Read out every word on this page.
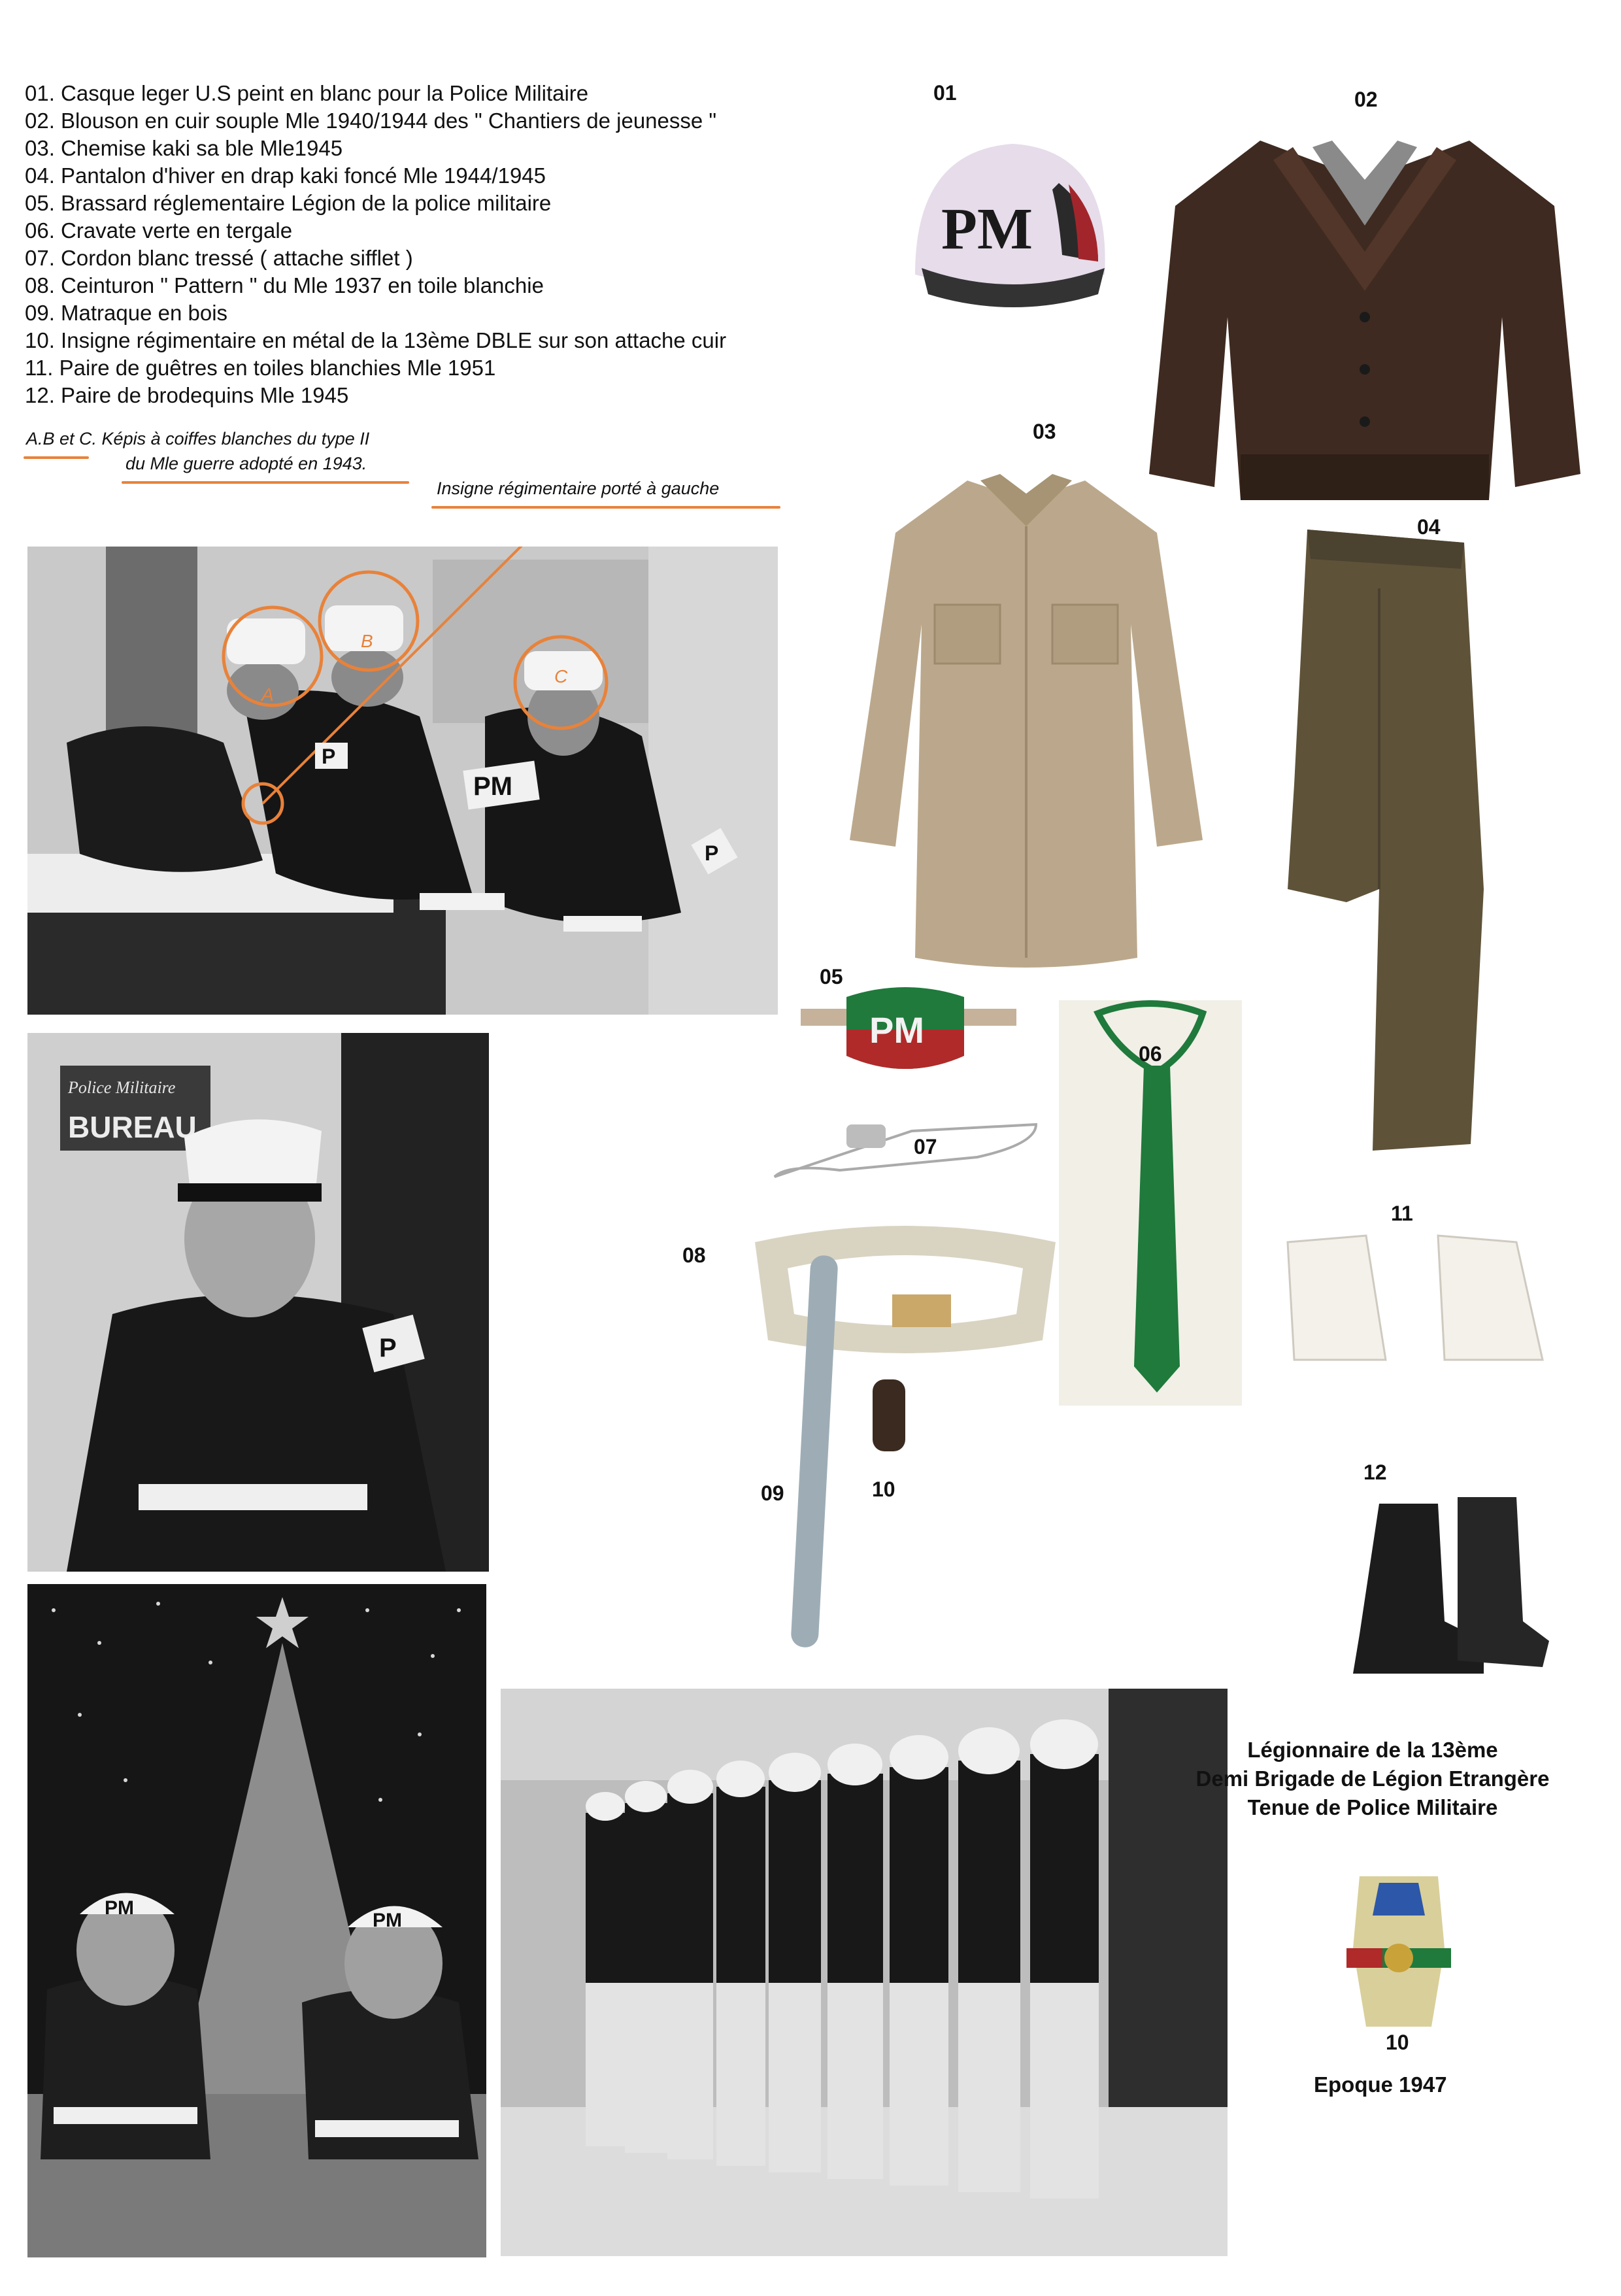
01. Casque leger U.S peint en blanc pour la Police Militaire
02. Blouson en cuir souple Mle 1940/1944 des " Chantiers de jeunesse "
03. Chemise kaki sa ble Mle1945
04. Pantalon d'hiver en drap kaki foncé Mle 1944/1945
05. Brassard réglementaire Légion de la police militaire
06. Cravate verte en tergale
07. Cordon blanc tressé ( attache sifflet )
08. Ceinturon " Pattern " du Mle 1937 en toile blanchie
09. Matraque en bois
10. Insigne régimentaire en métal de la 13ème DBLE sur son attache cuir
11. Paire de guêtres en toiles blanchies Mle 1951
12. Paire de brodequins Mle 1945
A.B et C. Képis à coiffes blanches du type II
du Mle guerre adopté en 1943.
Insigne régimentaire porté à gauche
A
B
C
PM
P
P
Police Militaire
BUREAU
P
PM
PM
PM
PM
01	02
03
04
05
06
07
08
09	10
11
12
10
Légionnaire de la 13ème
Demi Brigade de Légion Etrangère
Tenue de Police Militaire
Epoque 1947
